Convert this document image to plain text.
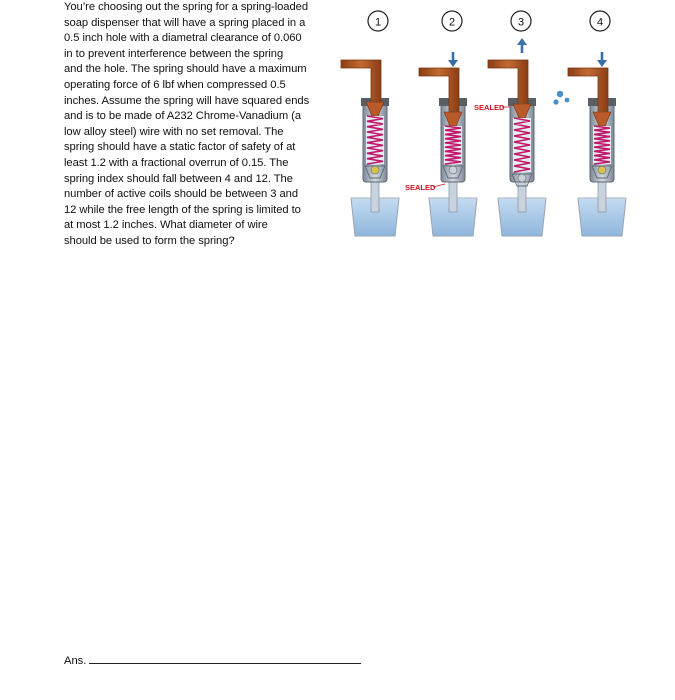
You’re choosing out the spring for a spring-loaded
soap dispenser that will have a spring placed in a
0.5 inch hole with a diametral clearance of 0.060
in to prevent interference between the spring
and the hole. The spring should have a maximum
operating force of 6 lbf when compressed 0.5
inches. Assume the spring will have squared ends
and is to be made of A232 Chrome-Vanadium (a
low alloy steel) wire with no set removal. The
spring should have a static factor of safety of at
least 1.2 with a fractional overrun of 0.15. The
spring index should fall between 4 and 12. The
number of active coils should be between 3 and
12 while the free length of the spring is limited to
at most 1.2 inches. What diameter of wire
should be used to form the spring?
1	2	3	4
SEALED
SEALED
Ans.
